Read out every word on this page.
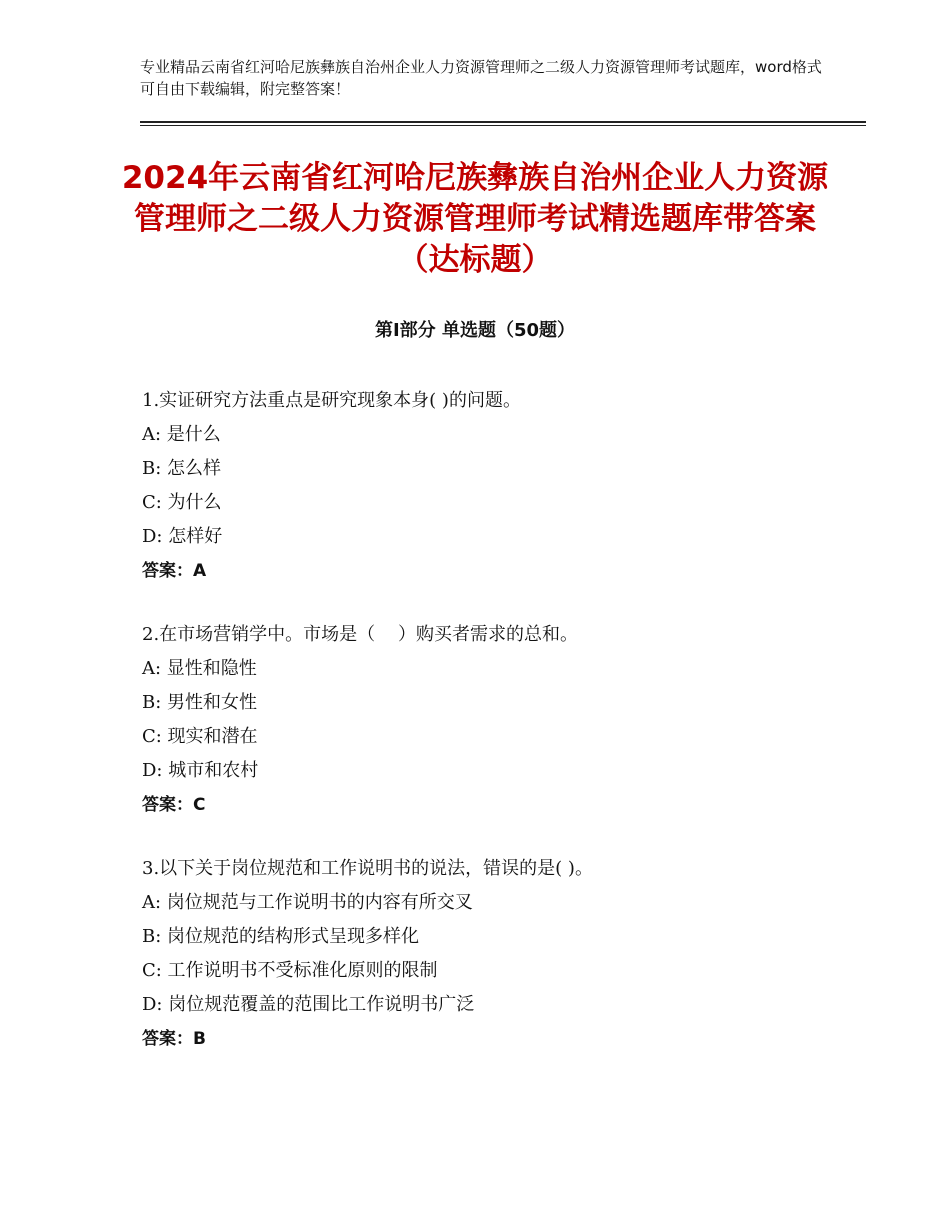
专业精品云南省红河哈尼族彝族自治州企业人力资源管理师之二级人力资源管理师考试题库，word格式可自由下载编辑，附完整答案！
2024年云南省红河哈尼族彝族自治州企业人力资源管理师之二级人力资源管理师考试精选题库带答案（达标题）
第Ⅰ部分 单选题（50题）
1.实证研究方法重点是研究现象本身( )的问题。
A: 是什么
B: 怎么样
C: 为什么
D: 怎样好
答案：A
2.在市场营销学中。市场是（    ）购买者需求的总和。
A: 显性和隐性
B: 男性和女性
C: 现实和潜在
D: 城市和农村
答案：C
3.以下关于岗位规范和工作说明书的说法，错误的是( )。
A: 岗位规范与工作说明书的内容有所交叉
B: 岗位规范的结构形式呈现多样化
C: 工作说明书不受标准化原则的限制
D: 岗位规范覆盖的范围比工作说明书广泛
答案：B
